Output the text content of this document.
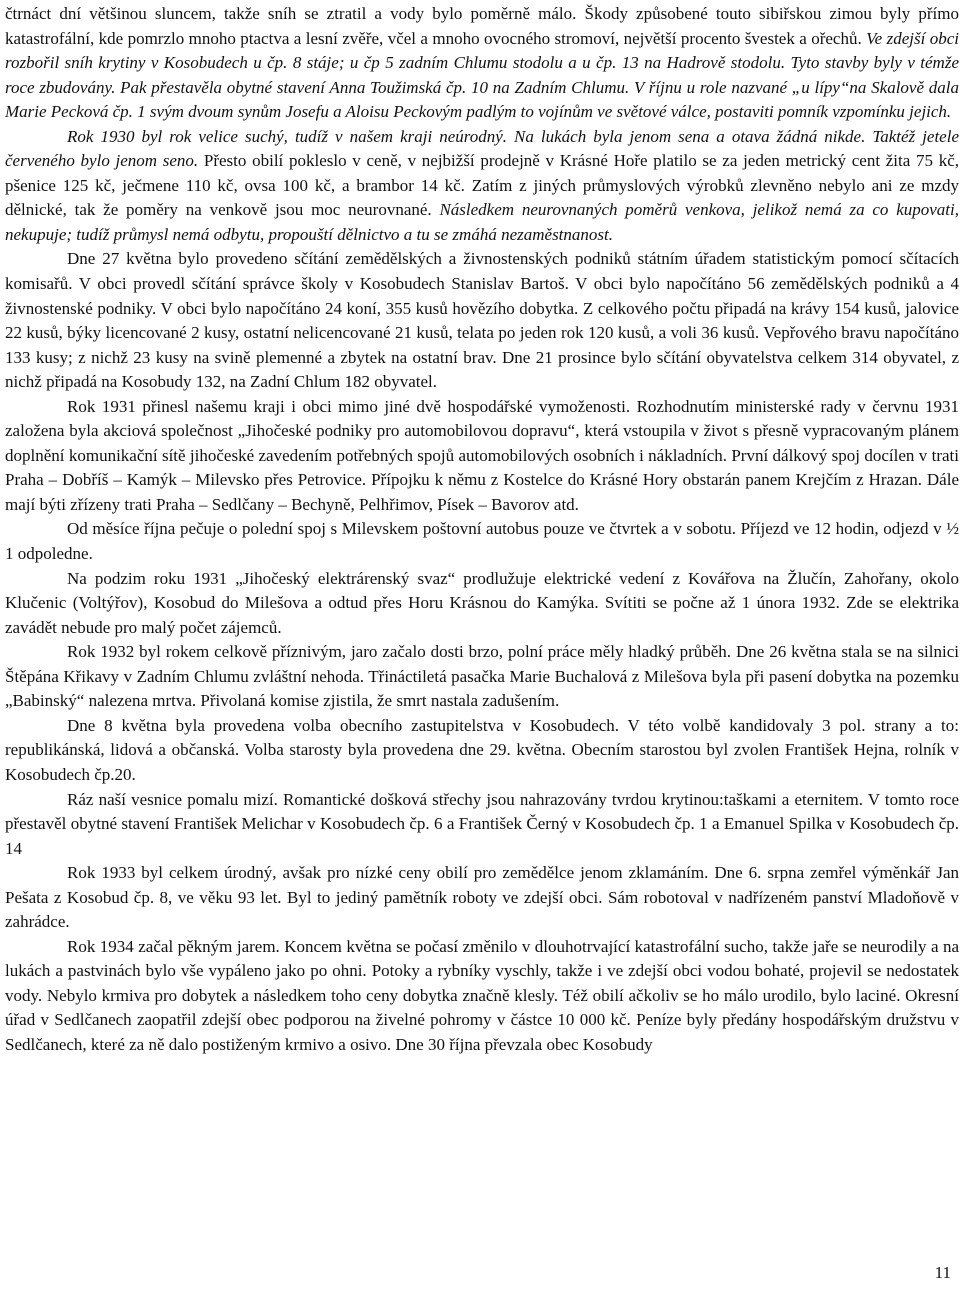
čtrnáct dní většinou sluncem, takže sníh se ztratil a vody bylo poměrně málo. Škody způsobené touto sibiřskou zimou byly přímo katastrofální, kde pomrzlo mnoho ptactva a lesní zvěře, včel a mnoho ovocného stromoví, největší procento švestek a ořechů. Ve zdejší obci rozbořil sníh krytiny v Kosobudech u čp. 8 stáje; u čp 5 zadním Chlumu stodolu a u čp. 13 na Hadrově stodolu. Tyto stavby byly v témže roce zbudovány. Pak přestavěla obytné stavení Anna Toužimská čp. 10 na Zadním Chlumu. V říjnu u role nazvané „u lípy“na Skalově dala Marie Pecková čp. 1 svým dvoum synům Josefu a Aloisu Peckovým padlým to vojínům ve světové válce, postaviti pomník vzpomínku jejich.

Rok 1930 byl rok velice suchý, tudíž v našem kraji neúrodný. Na lukách byla jenom sena a otava žádná nikde. Taktéž jetele červeného bylo jenom seno. Přesto obilí pokleslo v ceně, v nejbižší prodejně v Krásné Hoře platilo se za jeden metrický cent žita 75 kč, pšenice 125 kč, ječmene 110 kč, ovsa 100 kč, a brambor 14 kč. Zatím z jiných průmyslových výrobků zlevněno nebylo ani ze mzdy dělnické, tak že poměry na venkově jsou moc neurovnané. Následkem neurovnaných poměrů venkova, jelikož nemá za co kupovati, nekupuje; tudíž průmysl nemá odbytu, propouští dělnictvo a tu se zmáhá nezaměstnanost.

Dne 27 května bylo provedeno sčítání zemědělských a živnostenských podniků státním úřadem statistickým pomocí sčítacích komisařů. V obci provedl sčítání správce školy v Kosobudech Stanislav Bartoš. V obci bylo napočítáno 56 zemědělských podniků a 4 živnostenské podniky. V obci bylo napočítáno 24 koní, 355 kusů hovězího dobytka. Z celkového počtu připadá na krávy 154 kusů, jalovice 22 kusů, býky licencované 2 kusy, ostatní nelicencované 21 kusů, telata po jeden rok 120 kusů, a voli 36 kusů. Vepřového bravu napočítáno 133 kusy; z nichž 23 kusy na svině plemenné a zbytek na ostatní brav. Dne 21 prosince bylo sčítání obyvatelstva celkem 314 obyvatel, z nichž připadá na Kosobudy 132, na Zadní Chlum 182 obyvatel.

Rok 1931 přinesl našemu kraji i obci mimo jiné dvě hospodářské vymoženosti. Rozhodnutím ministerské rady v červnu 1931 založena byla akciová společnost „Jihočeské podniky pro automobilovou dopravu“, která vstoupila v život s přesně vypracovaným plánem doplnění komunikační sítě jihočeské zavedením potřebných spojů automobilových osobních i nákladních. První dálkový spoj docílen v trati Praha – Dobříš – Kamýk – Milevsko přes Petrovice. Přípojku k němu z Kostelce do Krásné Hory obstarán panem Krejčím z Hrazan. Dále mají býti zřízeny trati Praha – Sedlčany – Bechyně, Pelhřimov, Písek – Bavorov atd.

Od měsíce října pečuje o polední spoj s Milevskem poštovní autobus pouze ve čtvrtek a v sobotu. Příjezd ve 12 hodin, odjezd v ½ 1 odpoledne.

Na podzim roku 1931 „Jihočeský elektrárenský svaz“ prodlužuje elektrické vedení z Kovářova na Žlučín, Zahořany, okolo Klučenic (Voltýřov), Kosobud do Milešova a odtud přes Horu Krásnou do Kamýka. Svítiti se počne až 1 února 1932. Zde se elektrika zavádět nebude pro malý počet zájemců.

Rok 1932 byl rokem celkově příznivým, jaro začalo dosti brzo, polní práce měly hladký průběh. Dne 26 května stala se na silnici Štěpána Křikavy v Zadním Chlumu zvláštní nehoda. Třináctiletá pasačka Marie Buchalová z Milešova byla při pasení dobytka na pozemku „Babinský“ nalezena mrtva. Přivolaná komise zjistila, že smrt nastala zadušením.

Dne 8 května byla provedena volba obecního zastupitelstva v Kosobudech. V této volbě kandidovaly 3 pol. strany a to: republikánská, lidová a občanská. Volba starosty byla provedena dne 29. května. Obecním starostou byl zvolen František Hejna, rolník v Kosobudech čp.20.

Ráz naší vesnice pomalu mizí. Romantické došková střechy jsou nahrazovány tvrdou krytinou:taškami a eternitem. V tomto roce přestavěl obytné stavení František Melichar v Kosobudech čp. 6 a František Černý v Kosobudech čp. 1 a Emanuel Spilka v Kosobudech čp. 14

Rok 1933 byl celkem úrodný, avšak pro nízké ceny obilí pro zemědělce jenom zklamáním. Dne 6. srpna zemřel výměnkář Jan Pešata z Kosobud čp. 8, ve věku 93 let. Byl to jediný pamětník roboty ve zdejší obci. Sám robotoval v nadřízeném panství Mladoňově v zahrádce.

Rok 1934 začal pěkným jarem. Koncem května se počasí změnilo v dlouhotrvající katastrofální sucho, takže jaře se neurodily a na lukách a pastvinách bylo vše vypáleno jako po ohni. Potoky a rybníky vyschly, takže i ve zdejší obci vodou bohaté, projevil se nedostatek vody. Nebylo krmiva pro dobytek a následkem toho ceny dobytka značně klesly. Též obilí ačkoliv se ho málo urodilo, bylo laciné. Okresní úřad v Sedlčanech zaopatřil zdejší obec podporou na živelné pohromy v částce 10 000 kč. Peníze byly předány hospodářským družstvu v Sedlčanech, které za ně dalo postiženým krmivo a osivo. Dne 30 října převzala obec Kosobudy

11
